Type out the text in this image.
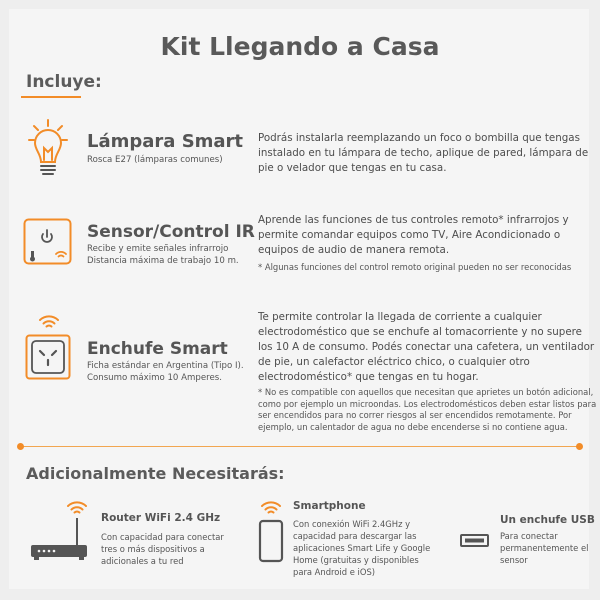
Kit Llegando a Casa
Incluye:
Lámpara Smart
Rosca E27 (lámparas comunes)
Podrás instalarla reemplazando un foco o bombilla que tengas
instalado en tu lámpara de techo, aplique de pared, lámpara de
pie o velador que tengas en tu casa.
Sensor/Control IR
Recibe y emite señales infrarrojo
Distancia máxima de trabajo 10 m.
Aprende las funciones de tus controles remoto* infrarrojos y
permite comandar equipos como TV, Aire Acondicionado o
equipos de audio de manera remota.
* Algunas funciones del control remoto original pueden no ser reconocidas
Enchufe Smart
Ficha estándar en Argentina (Tipo I).
Consumo máximo 10 Amperes.
Te permite controlar la llegada de corriente a cualquier
electrodoméstico que se enchufe al tomacorriente y no supere
los 10 A de consumo. Podés conectar una cafetera, un ventilador
de pie, un calefactor eléctrico chico, o cualquier otro
electrodoméstico* que tengas en tu hogar.
* No es compatible con aquellos que necesitan que aprietes un botón adicional,
como por ejemplo un microondas. Los electrodomésticos deben estar listos para
ser encendidos para no correr riesgos al ser encendidos remotamente. Por
ejemplo, un calentador de agua no debe encenderse si no contiene agua.
Adicionalmente Necesitarás:
Router WiFi 2.4 GHz
Con capacidad para conectar
tres o más dispositivos a
adicionales a tu red
Smartphone
Con conexión WiFi 2.4GHz y
capacidad para descargar las
aplicaciones Smart Life y Google
Home (gratuitas y disponibles
para Android e iOS)
Un enchufe USB
Para conectar
permanentemente el
sensor
